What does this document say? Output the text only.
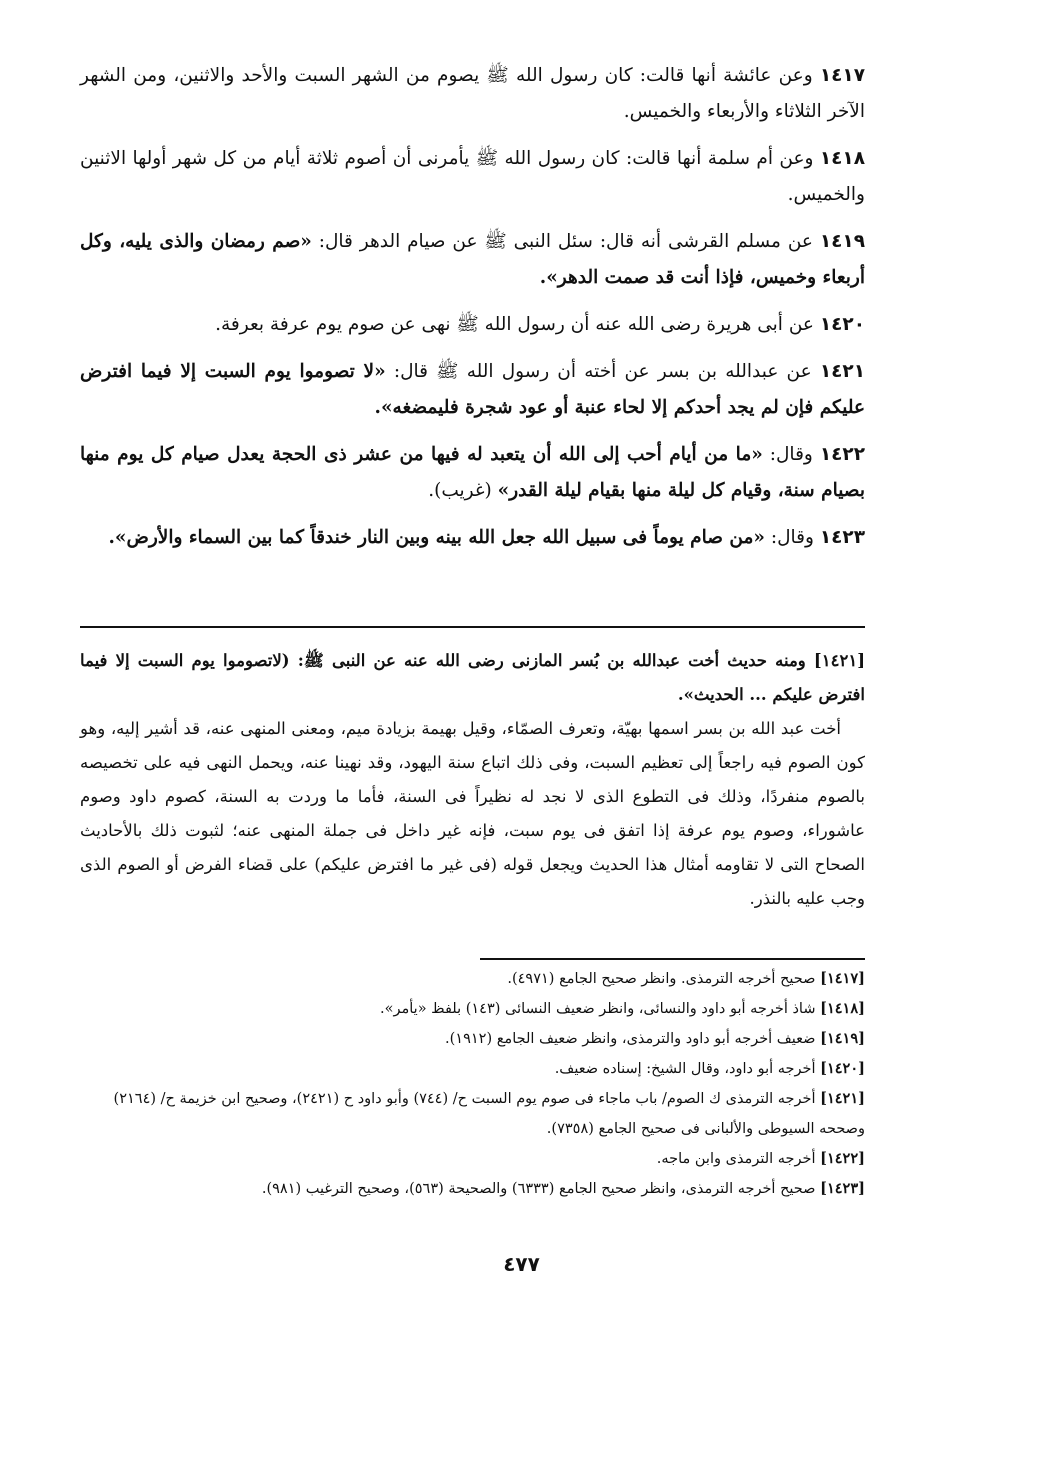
١٤١٧ وعن عائشة أنها قالت: كان رسول الله ﷺ يصوم من الشهر السبت والأحد والاثنين، ومن الشهر الآخر الثلاثاء والأربعاء والخميس.

١٤١٨ وعن أم سلمة أنها قالت: كان رسول الله ﷺ يأمرنى أن أصوم ثلاثة أيام من كل شهر أولها الاثنين والخميس.

١٤١٩ عن مسلم القرشى أنه قال: سئل النبى ﷺ عن صيام الدهر قال: «صم رمضان والذى يليه، وكل أربعاء وخميس، فإذا أنت قد صمت الدهر».

١٤٢٠ عن أبى هريرة رضى الله عنه أن رسول الله ﷺ نهى عن صوم يوم عرفة بعرفة.

١٤٢١ عن عبدالله بن بسر عن أخته أن رسول الله ﷺ قال: «لا تصوموا يوم السبت إلا فيما افترض عليكم فإن لم يجد أحدكم إلا لحاء عنبة أو عود شجرة فليمضغه».

١٤٢٢ وقال: «ما من أيام أحب إلى الله أن يتعبد له فيها من عشر ذى الحجة يعدل صيام كل يوم منها بصيام سنة، وقيام كل ليلة منها بقيام ليلة القدر» (غريب).

١٤٢٣ وقال: «من صام يوماً فى سبيل الله جعل الله بينه وبين النار خندقاً كما بين السماء والأرض».

[١٤٢١] ومنه حديث أخت عبدالله بن بُسر المازنى رضى الله عنه عن النبى ﷺ: (لاتصوموا يوم السبت إلا فيما افترض عليكم ... الحديث».

أخت عبد الله بن بسر اسمها بهيّة، وتعرف الصمّاء، وقيل بهيمة بزيادة ميم، ومعنى المنهى عنه، قد أشير إليه، وهو كون الصوم فيه راجعاً إلى تعظيم السبت، وفى ذلك اتباع سنة اليهود، وقد نهينا عنه، ويحمل النهى فيه على تخصيصه بالصوم منفردًا، وذلك فى التطوع الذى لا نجد له نظيراً فى السنة، فأما ما وردت به السنة، كصوم داود وصوم عاشوراء، وصوم يوم عرفة إذا اتفق فى يوم سبت، فإنه غير داخل فى جملة المنهى عنه؛ لثبوت ذلك بالأحاديث الصحاح التى لا تقاومه أمثال هذا الحديث ويجعل قوله (فى غير ما افترض عليكم) على قضاء الفرض أو الصوم الذى وجب عليه بالنذر.

[١٤١٧] صحيح أخرجه الترمذى. وانظر صحيح الجامع (٤٩٧١).

[١٤١٨] شاذ أخرجه أبو داود والنسائى، وانظر ضعيف النسائى (١٤٣) بلفظ «يأمر».

[١٤١٩] ضعيف أخرجه أبو داود والترمذى، وانظر ضعيف الجامع (١٩١٢).

[١٤٢٠] أخرجه أبو داود، وقال الشيخ: إسناده ضعيف.

[١٤٢١] أخرجه الترمذى ك الصوم/ باب ماجاء فى صوم يوم السبت ح/ (٧٤٤) وأبو داود ح (٢٤٢١)، وصحيح ابن خزيمة ح/ (٢١٦٤) وصححه السيوطى والألبانى فى صحيح الجامع (٧٣٥٨).

[١٤٢٢] أخرجه الترمذى وابن ماجه.

[١٤٢٣] صحيح أخرجه الترمذى، وانظر صحيح الجامع (٦٣٣٣) والصحيحة (٥٦٣)، وصحيح الترغيب (٩٨١).

٤٧٧
